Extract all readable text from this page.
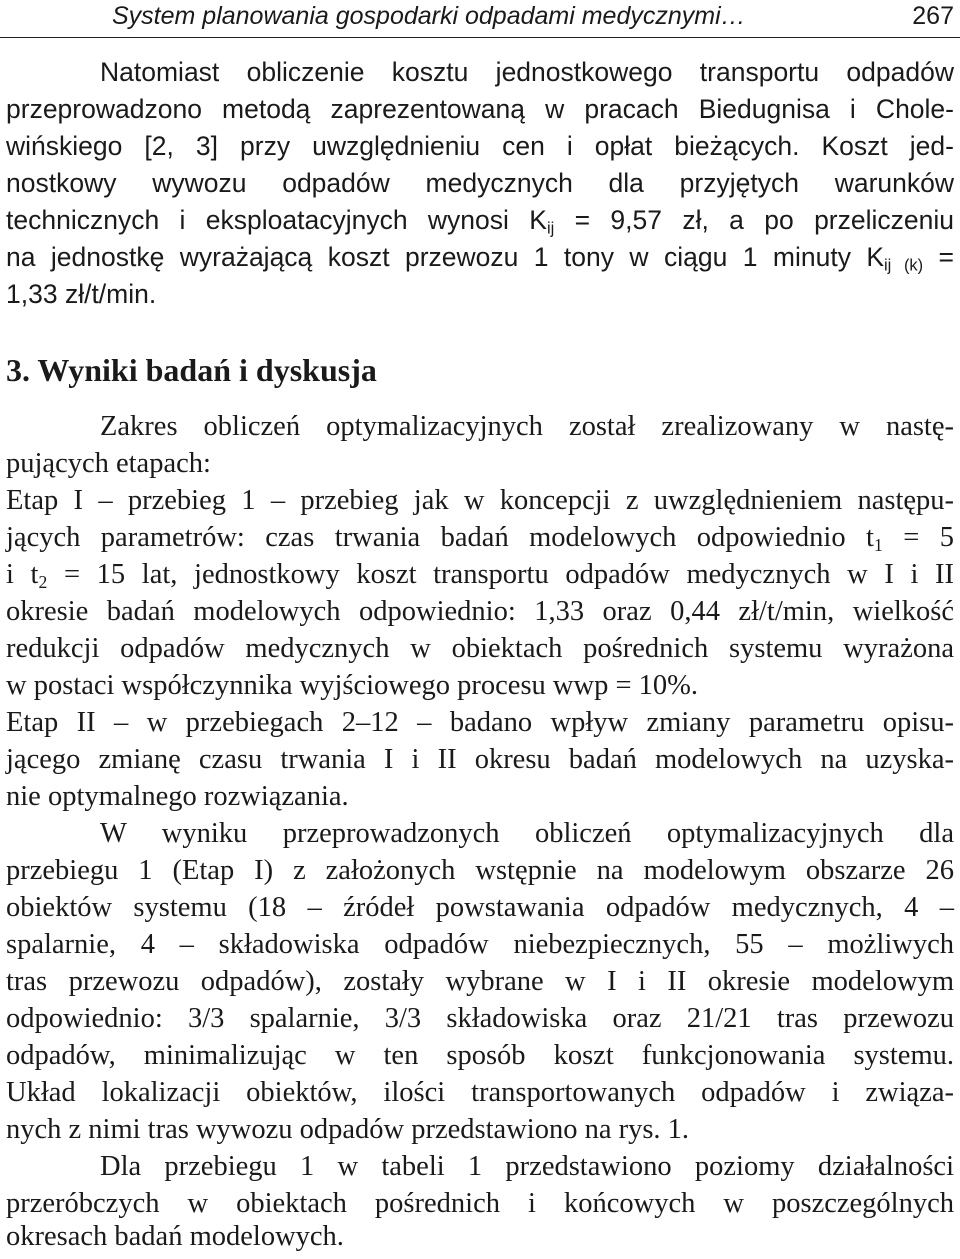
System planowania gospodarki odpadami medycznymi…	267
Natomiast obliczenie kosztu jednostkowego transportu odpadów
przeprowadzono metodą zaprezentowaną w pracach Biedugnisa i Chole-
wińskiego [2, 3] przy uwzględnieniu cen i opłat bieżących. Koszt jed-
nostkowy wywozu odpadów medycznych dla przyjętych warunków
technicznych i eksploatacyjnych wynosi $K_{ij} = 9,57$ zł, a po przeliczeniu
na jednostkę wyrażającą koszt przewozu 1 tony w ciągu 1 minuty $K_{ij (k)}$ =
1,33 zł/t/min.
3. Wyniki badań i dyskusja
Zakres obliczeń optymalizacyjnych został zrealizowany w nastę-
pujących etapach:
Etap I – przebieg 1 – przebieg jak w koncepcji z uwzględnieniem następu-
jących parametrów: czas trwania badań modelowych odpowiednio $t_1 = 5$
i $t_2 = 15$ lat, jednostkowy koszt transportu odpadów medycznych w I i II
okresie badań modelowych odpowiednio: 1,33 oraz 0,44 zł/t/min, wielkość
redukcji odpadów medycznych w obiektach pośrednich systemu wyrażona
w postaci współczynnika wyjściowego procesu wwp = 10%.
Etap II – w przebiegach 2–12 – badano wpływ zmiany parametru opisu-
jącego zmianę czasu trwania I i II okresu badań modelowych na uzyska-
nie optymalnego rozwiązania.
W wyniku przeprowadzonych obliczeń optymalizacyjnych dla
przebiegu 1 (Etap I) z założonych wstępnie na modelowym obszarze 26
obiektów systemu (18 – źródeł powstawania odpadów medycznych, 4 –
spalarnie, 4 – składowiska odpadów niebezpiecznych, 55 – możliwych
tras przewozu odpadów), zostały wybrane w I i II okresie modelowym
odpowiednio: 3/3 spalarnie, 3/3 składowiska oraz 21/21 tras przewozu
odpadów, minimalizując w ten sposób koszt funkcjonowania systemu.
Układ lokalizacji obiektów, ilości transportowanych odpadów i związa-
nych z nimi tras wywozu odpadów przedstawiono na rys. 1.
Dla przebiegu 1 w tabeli 1 przedstawiono poziomy działalności
przeróbczych w obiektach pośrednich i końcowych w poszczególnych
okresach badań modelowych.
